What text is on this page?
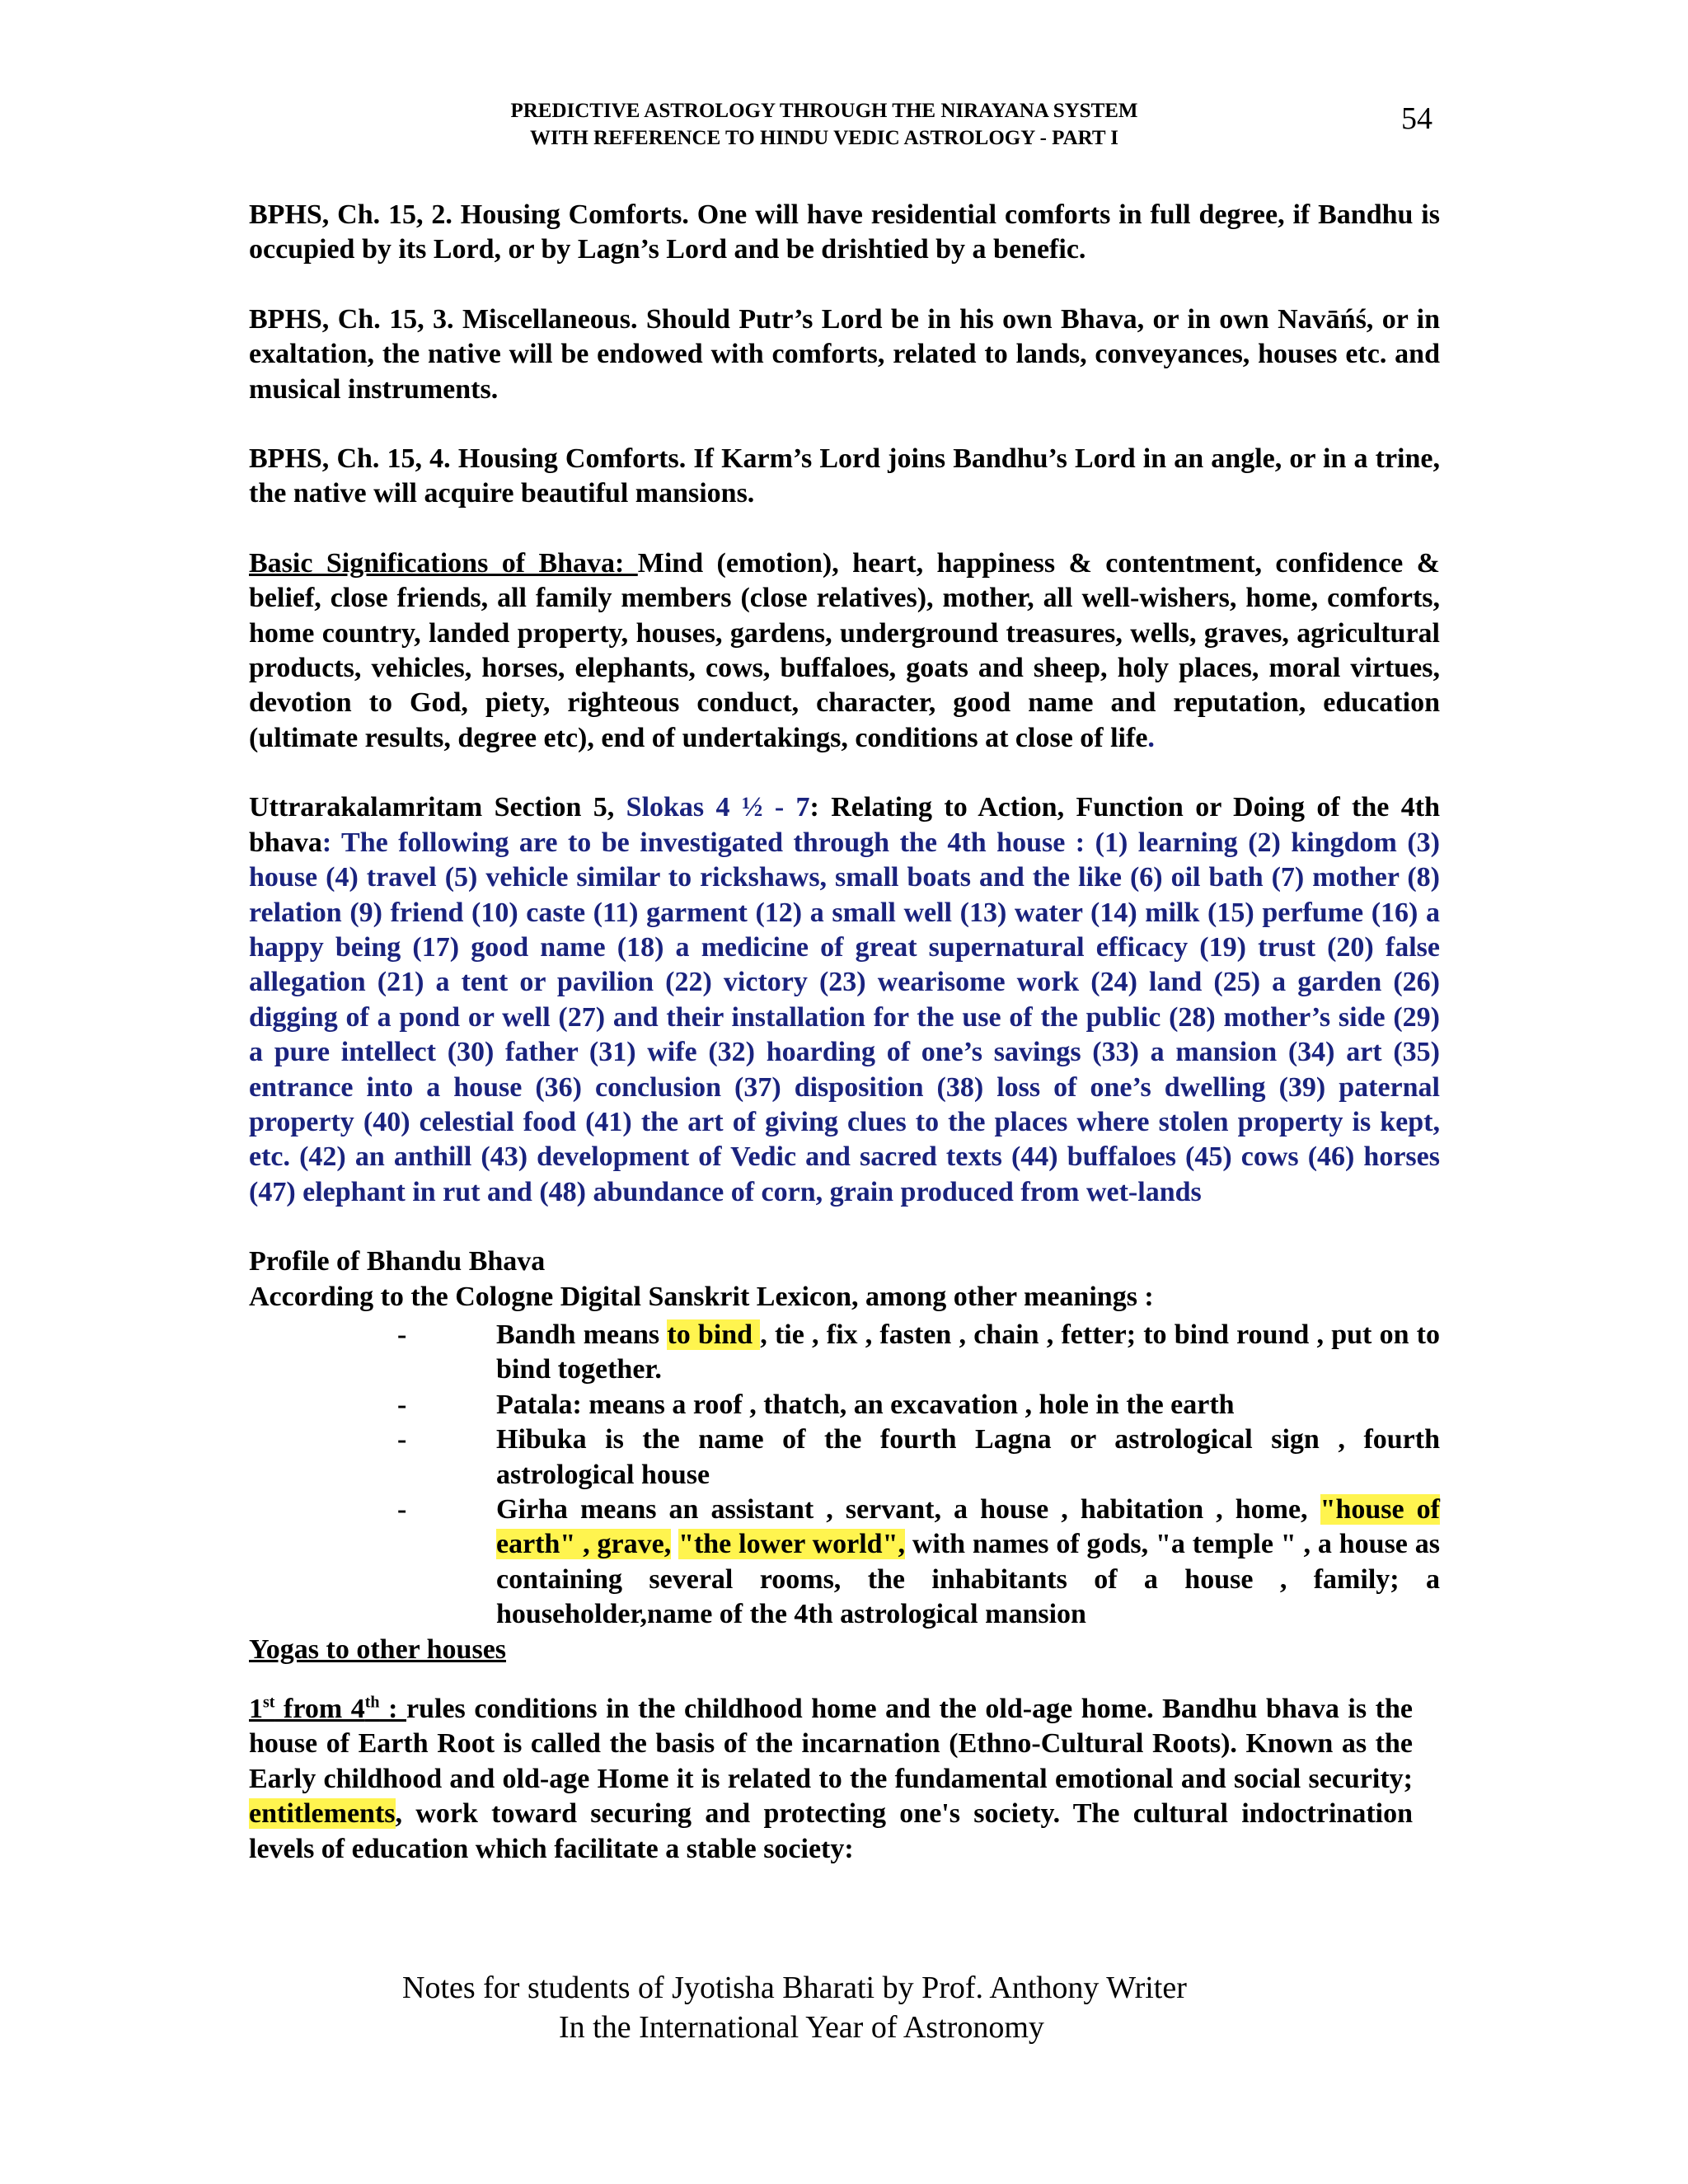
PREDICTIVE ASTROLOGY THROUGH THE NIRAYANA SYSTEM
WITH REFERENCE TO HINDU VEDIC ASTROLOGY - PART I
54

BPHS, Ch. 15, 2. Housing Comforts. One will have residential comforts in full degree, if Bandhu is occupied by its Lord, or by Lagn’s Lord and be drishtied by a benefic.

BPHS, Ch. 15, 3. Miscellaneous. Should Putr’s Lord be in his own Bhava, or in own Navāńś, or in exaltation, the native will be endowed with comforts, related to lands, conveyances, houses etc. and musical instruments.

BPHS, Ch. 15, 4. Housing Comforts. If Karm’s Lord joins Bandhu’s Lord in an angle, or in a trine, the native will acquire beautiful mansions.

Basic Significations of Bhava: Mind (emotion), heart, happiness & contentment, confidence & belief, close friends, all family members (close relatives), mother, all well-wishers, home, comforts, home country, landed property, houses, gardens, underground treasures, wells, graves, agricultural products, vehicles, horses, elephants, cows, buffaloes, goats and sheep, holy places, moral virtues, devotion to God, piety, righteous conduct, character, good name and reputation, education (ultimate results, degree etc), end of undertakings, conditions at close of life.

Uttrarakalamritam Section 5, Slokas 4 ½ - 7: Relating to Action, Function or Doing of the 4th bhava: The following are to be investigated through the 4th house : (1) learning (2) kingdom (3) house (4) travel (5) vehicle similar to rickshaws, small boats and the like (6) oil bath (7) mother (8) relation (9) friend (10) caste (11) garment (12) a small well (13) water (14) milk (15) perfume (16) a happy being (17) good name (18) a medicine of great supernatural efficacy (19) trust (20) false allegation (21) a tent or pavilion (22) victory (23) wearisome work (24) land (25) a garden (26) digging of a pond or well (27) and their installation for the use of the public (28) mother’s side (29) a pure intellect (30) father (31) wife (32) hoarding of one’s savings (33) a mansion (34) art (35) entrance into a house (36) conclusion (37) disposition (38) loss of one’s dwelling (39) paternal property (40) celestial food (41) the art of giving clues to the places where stolen property is kept, etc. (42) an anthill (43) development of Vedic and sacred texts (44) buffaloes (45) cows (46) horses (47) elephant in rut and (48) abundance of corn, grain produced from wet-lands

Profile of Bhandu Bhava

According to the Cologne Digital Sanskrit Lexicon, among other meanings :

-	Bandh means to bind , tie , fix , fasten , chain , fetter; to bind round , put on to bind together.

-	Patala: means a roof , thatch, an excavation , hole in the earth

-	Hibuka is the name of the fourth Lagna or astrological sign , fourth astrological house

-	Girha means an assistant , servant, a house , habitation , home, "house of earth" , grave, "the lower world", with names of gods, "a temple " , a house as containing several rooms, the inhabitants of a house , family; a householder,name of the 4th astrological mansion

Yogas to other houses

1st from 4th : rules conditions in the childhood home and the old-age home. Bandhu bhava is the house of Earth Root is called the basis of the incarnation (Ethno-Cultural Roots). Known as the Early childhood and old-age Home it is related to the fundamental emotional and social security; entitlements, work toward securing and protecting one's society. The cultural indoctrination levels of education which facilitate a stable society:

Notes for students of Jyotisha Bharati by Prof. Anthony Writer
In the International Year of Astronomy
